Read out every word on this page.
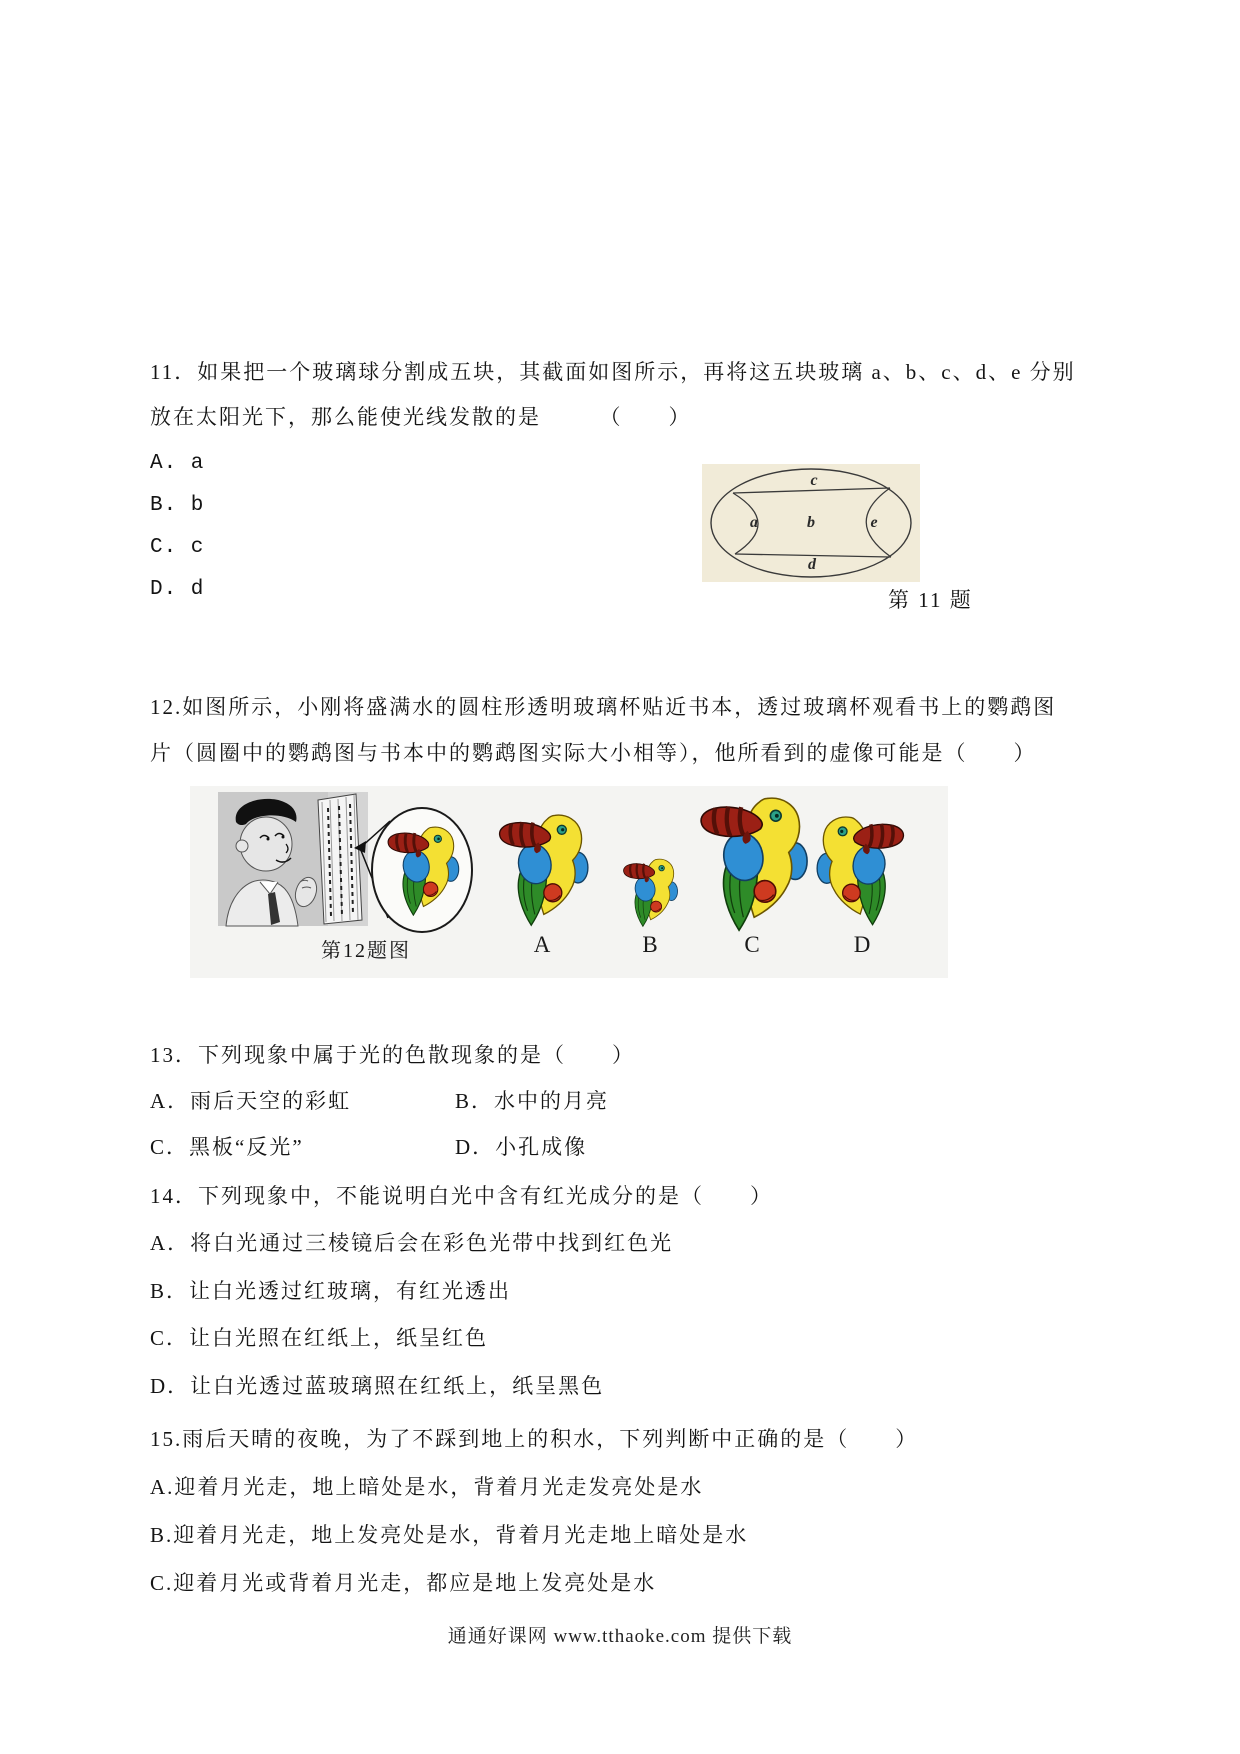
11．如果把一个玻璃球分割成五块，其截面如图所示，再将这五块玻璃 a、b、c、d、e 分别
放在太阳光下，那么能使光线发散的是　　　（　　）
A. a
B. b
C. c
D. d
a	b
c
d
e
第 11 题
12.如图所示，小刚将盛满水的圆柱形透明玻璃杯贴近书本，透过玻璃杯观看书上的鹦鹉图
片（圆圈中的鹦鹉图与书本中的鹦鹉图实际大小相等），他所看到的虚像可能是（　　）
第12题图	A	B	C	D
13．下列现象中属于光的色散现象的是（　　）
A．雨后天空的彩虹	B．水中的月亮
C．黑板“反光”	D．小孔成像
14．下列现象中，不能说明白光中含有红光成分的是（　　）
A．将白光通过三棱镜后会在彩色光带中找到红色光
B．让白光透过红玻璃，有红光透出
C．让白光照在红纸上，纸呈红色
D．让白光透过蓝玻璃照在红纸上，纸呈黑色
15.雨后天晴的夜晚，为了不踩到地上的积水，下列判断中正确的是（　　）
A.迎着月光走，地上暗处是水，背着月光走发亮处是水
B.迎着月光走，地上发亮处是水，背着月光走地上暗处是水
C.迎着月光或背着月光走，都应是地上发亮处是水
通通好课网 www.tthaoke.com 提供下载
